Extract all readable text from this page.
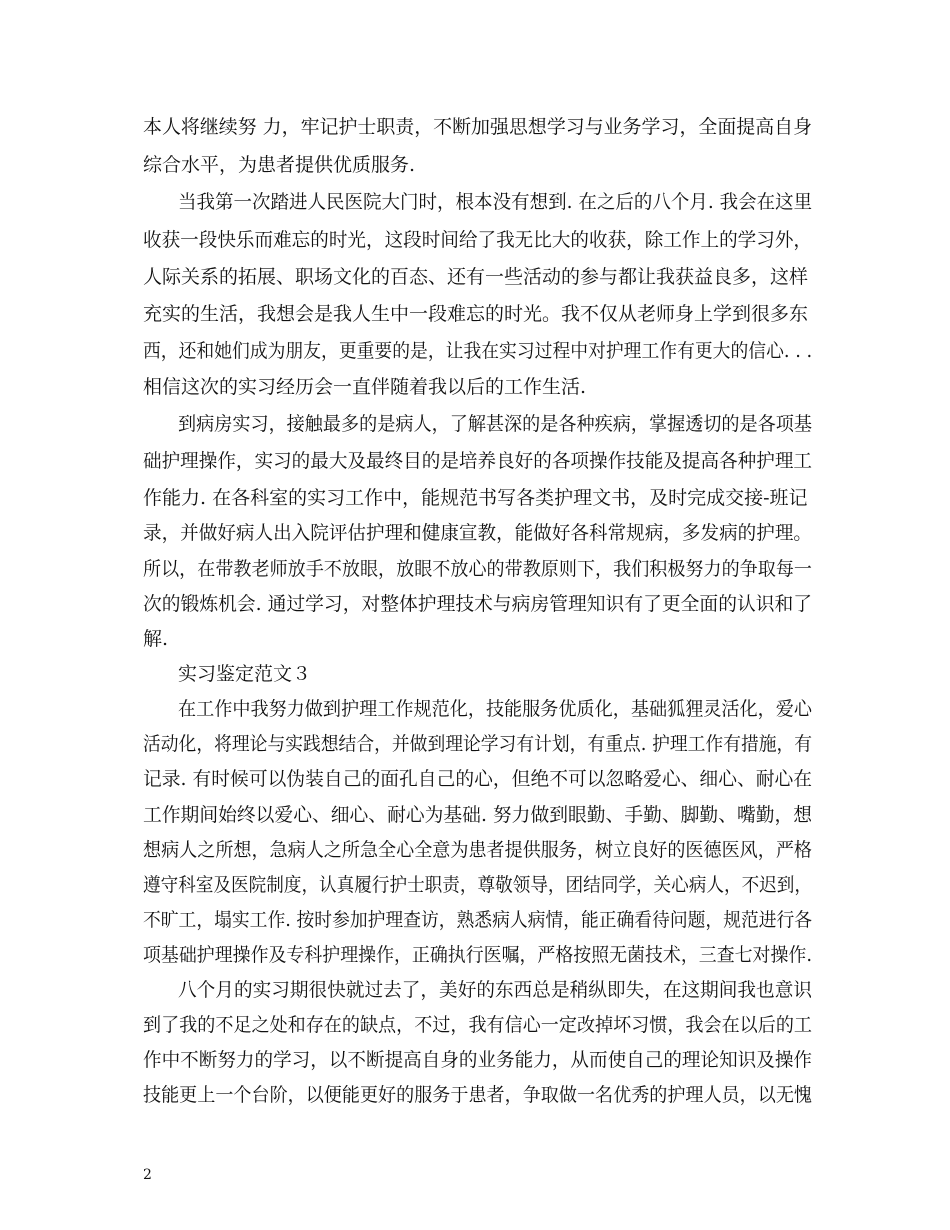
本人将继续努 力，牢记护士职责，不断加强思想学习与业务学习，全面提高自身
综合水平，为患者提供优质服务.
当我第一次踏进人民医院大门时，根本没有想到. 在之后的八个月. 我会在这里
收获一段快乐而难忘的时光，这段时间给了我无比大的收获，除工作上的学习外，
人际关系的拓展、职场文化的百态、还有一些活动的参与都让我获益良多，这样
充实的生活，我想会是我人生中一段难忘的时光。我不仅从老师身上学到很多东
西，还和她们成为朋友，更重要的是，让我在实习过程中对护理工作有更大的信心. . .
相信这次的实习经历会一直伴随着我以后的工作生活.
到病房实习，接触最多的是病人，了解甚深的是各种疾病，掌握透切的是各项基
础护理操作，实习的最大及最终目的是培养良好的各项操作技能及提高各种护理工
作能力. 在各科室的实习工作中，能规范书写各类护理文书，及时完成交接-班记
录，并做好病人出入院评估护理和健康宣教，能做好各科常规病，多发病的护理。
所以，在带教老师放手不放眼，放眼不放心的带教原则下，我们积极努力的争取每一
次的锻炼机会. 通过学习，对整体护理技术与病房管理知识有了更全面的认识和了
解.
实习鉴定范文３
在工作中我努力做到护理工作规范化，技能服务优质化，基础狐狸灵活化，爱心
活动化，将理论与实践想结合，并做到理论学习有计划，有重点. 护理工作有措施，有
记录. 有时候可以伪装自己的面孔自己的心，但绝不可以忽略爱心、细心、耐心在
工作期间始终以爱心、细心、耐心为基础. 努力做到眼勤、手勤、脚勤、嘴勤，想
想病人之所想，急病人之所急全心全意为患者提供服务，树立良好的医德医风，严格
遵守科室及医院制度，认真履行护士职责，尊敬领导，团结同学，关心病人，不迟到，
不旷工，塌实工作. 按时参加护理查访，熟悉病人病情，能正确看待问题，规范进行各
项基础护理操作及专科护理操作，正确执行医嘱，严格按照无菌技术，三查七对操作.
八个月的实习期很快就过去了，美好的东西总是稍纵即失，在这期间我也意识
到了我的不足之处和存在的缺点，不过，我有信心一定改掉坏习惯，我会在以后的工
作中不断努力的学习，以不断提高自身的业务能力，从而使自己的理论知识及操作
技能更上一个台阶，以便能更好的服务于患者，争取做一名优秀的护理人员，以无愧
2
